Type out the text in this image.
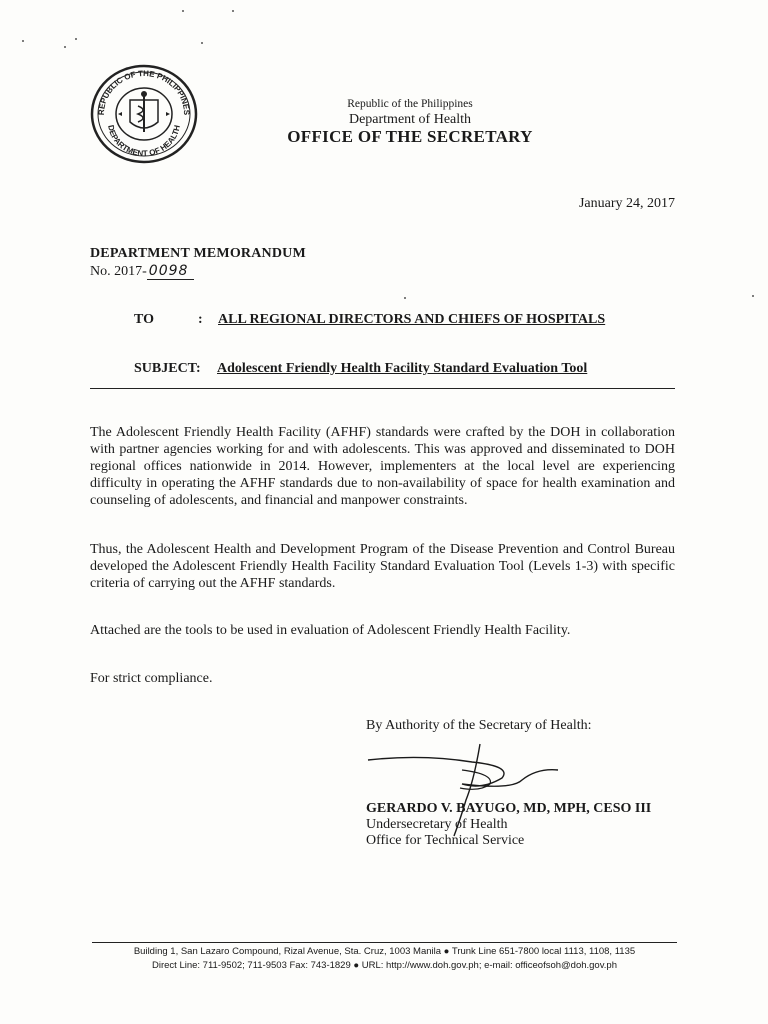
REPUBLIC OF THE PHILIPPINES
DEPARTMENT OF HEALTH
Republic of the Philippines
Department of Health
OFFICE OF THE SECRETARY
January 24, 2017
DEPARTMENT MEMORANDUM
No. 2017- 0098
TO	: ALL REGIONAL DIRECTORS AND CHIEFS OF HOSPITALS
SUBJECT: Adolescent Friendly Health Facility Standard Evaluation Tool
The Adolescent Friendly Health Facility (AFHF) standards were crafted by the DOH in collaboration with partner agencies working for and with adolescents. This was approved and disseminated to DOH regional offices nationwide in 2014. However, implementers at the local level are experiencing difficulty in operating the AFHF standards due to non-availability of space for health examination and counseling of adolescents, and financial and manpower constraints.
Thus, the Adolescent Health and Development Program of the Disease Prevention and Control Bureau developed the Adolescent Friendly Health Facility Standard Evaluation Tool (Levels 1-3) with specific criteria of carrying out the AFHF standards.
Attached are the tools to be used in evaluation of Adolescent Friendly Health Facility.
For strict compliance.
By Authority of the Secretary of Health:
GERARDO V. BAYUGO, MD, MPH, CESO III
Undersecretary of Health
Office for Technical Service
Building 1, San Lazaro Compound, Rizal Avenue, Sta. Cruz, 1003 Manila ● Trunk Line 651-7800 local 1113, 1108, 1135
Direct Line: 711-9502; 711-9503 Fax: 743-1829 ● URL: http://www.doh.gov.ph; e-mail: officeofsoh@doh.gov.ph
